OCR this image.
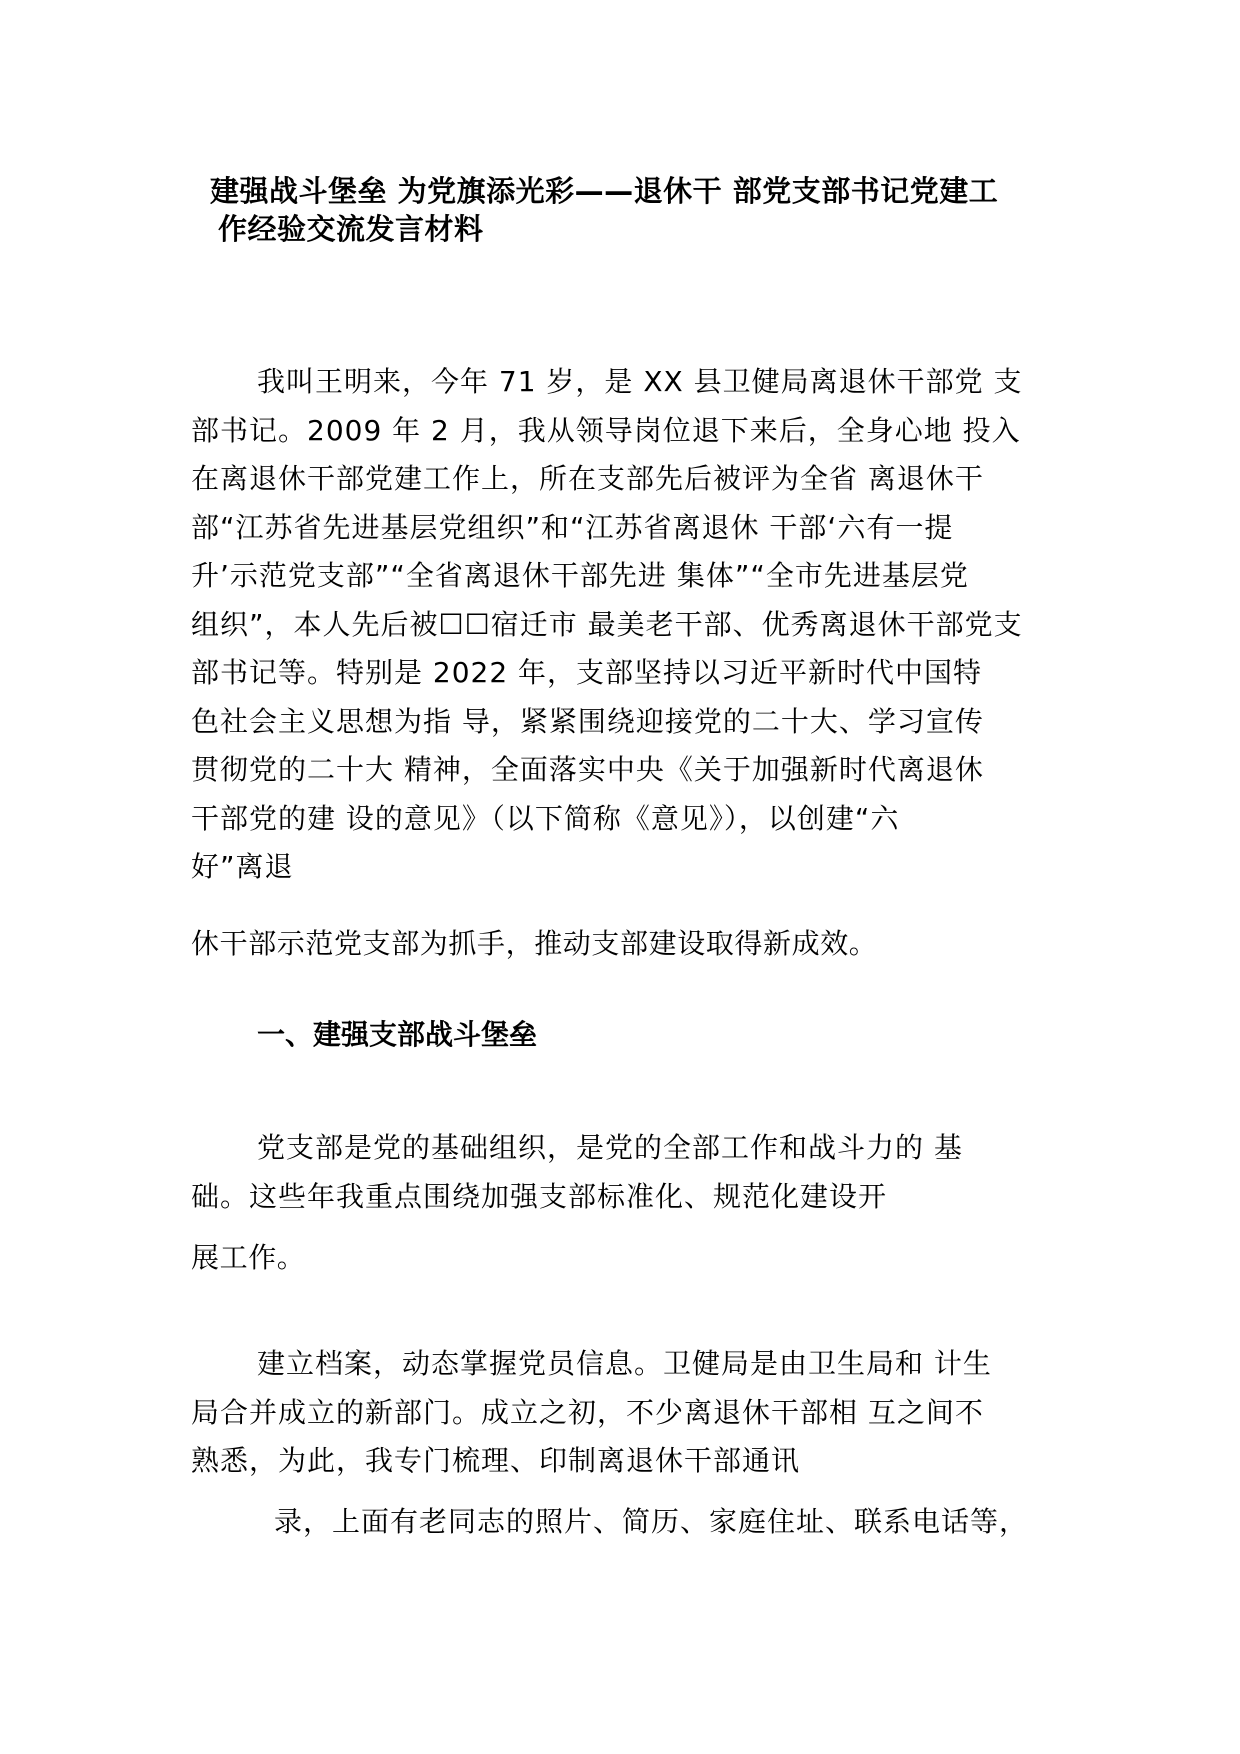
建强战斗堡垒 为党旗添光彩——退休干 部党支部书记党建工
作经验交流发言材料

我叫王明来，今年 71 岁，是 XX 县卫健局离退休干部党 支
部书记。2009 年 2 月，我从领导岗位退下来后，全身心地 投入
在离退休干部党建工作上，所在支部先后被评为全省 离退休干
部“江苏省先进基层党组织”和“江苏省离退休 干部‘六有一提
升’示范党支部”“全省离退休干部先进 集体”“全市先进基层党
组织”，本人先后被☐☐宿迁市 最美老干部、优秀离退休干部党支
部书记等。特别是 2022 年，支部坚持以习近平新时代中国特
色社会主义思想为指 导，紧紧围绕迎接党的二十大、学习宣传
贯彻党的二十大 精神，全面落实中央《关于加强新时代离退休
干部党的建 设的意见》（以下简称《意见》），以创建“六
好”离退

休干部示范党支部为抓手，推动支部建设取得新成效。

一、建强支部战斗堡垒

党支部是党的基础组织，是党的全部工作和战斗力的 基
础。这些年我重点围绕加强支部标准化、规范化建设开

展工作。

建立档案，动态掌握党员信息。卫健局是由卫生局和 计生
局合并成立的新部门。成立之初，不少离退休干部相 互之间不
熟悉，为此，我专门梳理、印制离退休干部通讯

录，上面有老同志的照片、简历、家庭住址、联系电话等，
